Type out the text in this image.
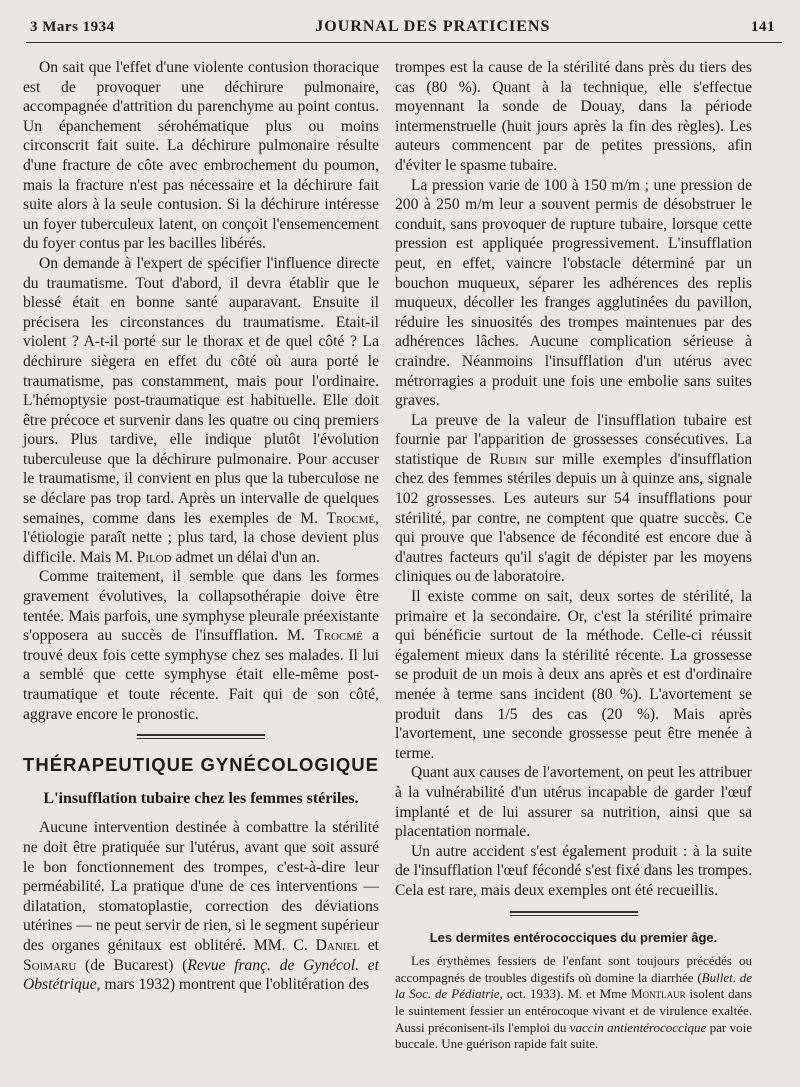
3 Mars 1934	JOURNAL DES PRATICIENS	141

On sait que l'effet d'une violente contusion thoracique est de provoquer une déchirure pulmonaire, accompagnée d'attrition du parenchyme au point contus. Un épanchement sérohématique plus ou moins circonscrit fait suite. La déchirure pulmonaire résulte d'une fracture de côte avec embrochement du poumon, mais la fracture n'est pas nécessaire et la déchirure fait suite alors à la seule contusion. Si la déchirure intéresse un foyer tuberculeux latent, on conçoit l'ensemencement du foyer contus par les bacilles libérés.

On demande à l'expert de spécifier l'influence directe du traumatisme. Tout d'abord, il devra établir que le blessé était en bonne santé auparavant. Ensuite il précisera les circonstances du traumatisme. Etait-il violent ? A-t-il porté sur le thorax et de quel côté ? La déchirure siègera en effet du côté où aura porté le traumatisme, pas constamment, mais pour l'ordinaire. L'hémoptysie post-traumatique est habituelle. Elle doit être précoce et survenir dans les quatre ou cinq premiers jours. Plus tardive, elle indique plutôt l'évolution tuberculeuse que la déchirure pulmonaire. Pour accuser le traumatisme, il convient en plus que la tuberculose ne se déclare pas trop tard. Après un intervalle de quelques semaines, comme dans les exemples de M. Trocmé, l'étiologie paraît nette ; plus tard, la chose devient plus difficile. Mais M. Pilod admet un délai d'un an.

Comme traitement, il semble que dans les formes gravement évolutives, la collapsothérapie doive être tentée. Mais parfois, une symphyse pleurale préexistante s'opposera au succès de l'insufflation. M. Trocmé a trouvé deux fois cette symphyse chez ses malades. Il lui a semblé que cette symphyse était elle-même post-traumatique et toute récente. Fait qui de son côté, aggrave encore le pronostic.

THÉRAPEUTIQUE GYNÉCOLOGIQUE
L'insufflation tubaire chez les femmes stériles.

Aucune intervention destinée à combattre la stérilité ne doit être pratiquée sur l'utérus, avant que soit assuré le bon fonctionnement des trompes, c'est-à-dire leur perméabilité. La pratique d'une de ces interventions — dilatation, stomatoplastie, correction des déviations utérines — ne peut servir de rien, si le segment supérieur des organes génitaux est oblitéré. MM. C. Daniel et Soimaru (de Bucarest) (Revue franç. de Gynécol. et Obstétrique, mars 1932) montrent que l'oblitération des

trompes est la cause de la stérilité dans près du tiers des cas (80 %). Quant à la technique, elle s'effectue moyennant la sonde de Douay, dans la période intermenstruelle (huit jours après la fin des règles). Les auteurs commencent par de petites pressions, afin d'éviter le spasme tubaire.

La pression varie de 100 à 150 m/m ; une pression de 200 à 250 m/m leur a souvent permis de désobstruer le conduit, sans provoquer de rupture tubaire, lorsque cette pression est appliquée progressivement. L'insufflation peut, en effet, vaincre l'obstacle déterminé par un bouchon muqueux, séparer les adhérences des replis muqueux, décoller les franges agglutinées du pavillon, réduire les sinuosités des trompes maintenues par des adhérences lâches. Aucune complication sérieuse à craindre. Néanmoins l'insufflation d'un utérus avec métrorragies a produit une fois une embolie sans suites graves.

La preuve de la valeur de l'insufflation tubaire est fournie par l'apparition de grossesses consécutives. La statistique de Rubin sur mille exemples d'insufflation chez des femmes stériles depuis un à quinze ans, signale 102 grossesses. Les auteurs sur 54 insufflations pour stérilité, par contre, ne comptent que quatre succès. Ce qui prouve que l'absence de fécondité est encore due à d'autres facteurs qu'il s'agit de dépister par les moyens cliniques ou de laboratoire.

Il existe comme on sait, deux sortes de stérilité, la primaire et la secondaire. Or, c'est la stérilité primaire qui bénéficie surtout de la méthode. Celle-ci réussit également mieux dans la stérilité récente. La grossesse se produit de un mois à deux ans après et est d'ordinaire menée à terme sans incident (80 %). L'avortement se produit dans 1/5 des cas (20 %). Mais après l'avortement, une seconde grossesse peut être menée à terme.

Quant aux causes de l'avortement, on peut les attribuer à la vulnérabilité d'un utérus incapable de garder l'œuf implanté et de lui assurer sa nutrition, ainsi que sa placentation normale.

Un autre accident s'est également produit : à la suite de l'insufflation l'œuf fécondé s'est fixé dans les trompes. Cela est rare, mais deux exemples ont été recueillis.

Les dermites entérococciques du premier âge.

Les érythèmes fessiers de l'enfant sont toujours précédés ou accompagnés de troubles digestifs où domine la diarrhée (Bullet. de la Soc. de Pédiatrie, oct. 1933). M. et Mme Montlaur isolent dans le suintement fessier un entérocoque vivant et de virulence exaltée. Aussi préconisent-ils l'emploi du vaccin antientérococcique par voie buccale. Une guérison rapide fait suite.
